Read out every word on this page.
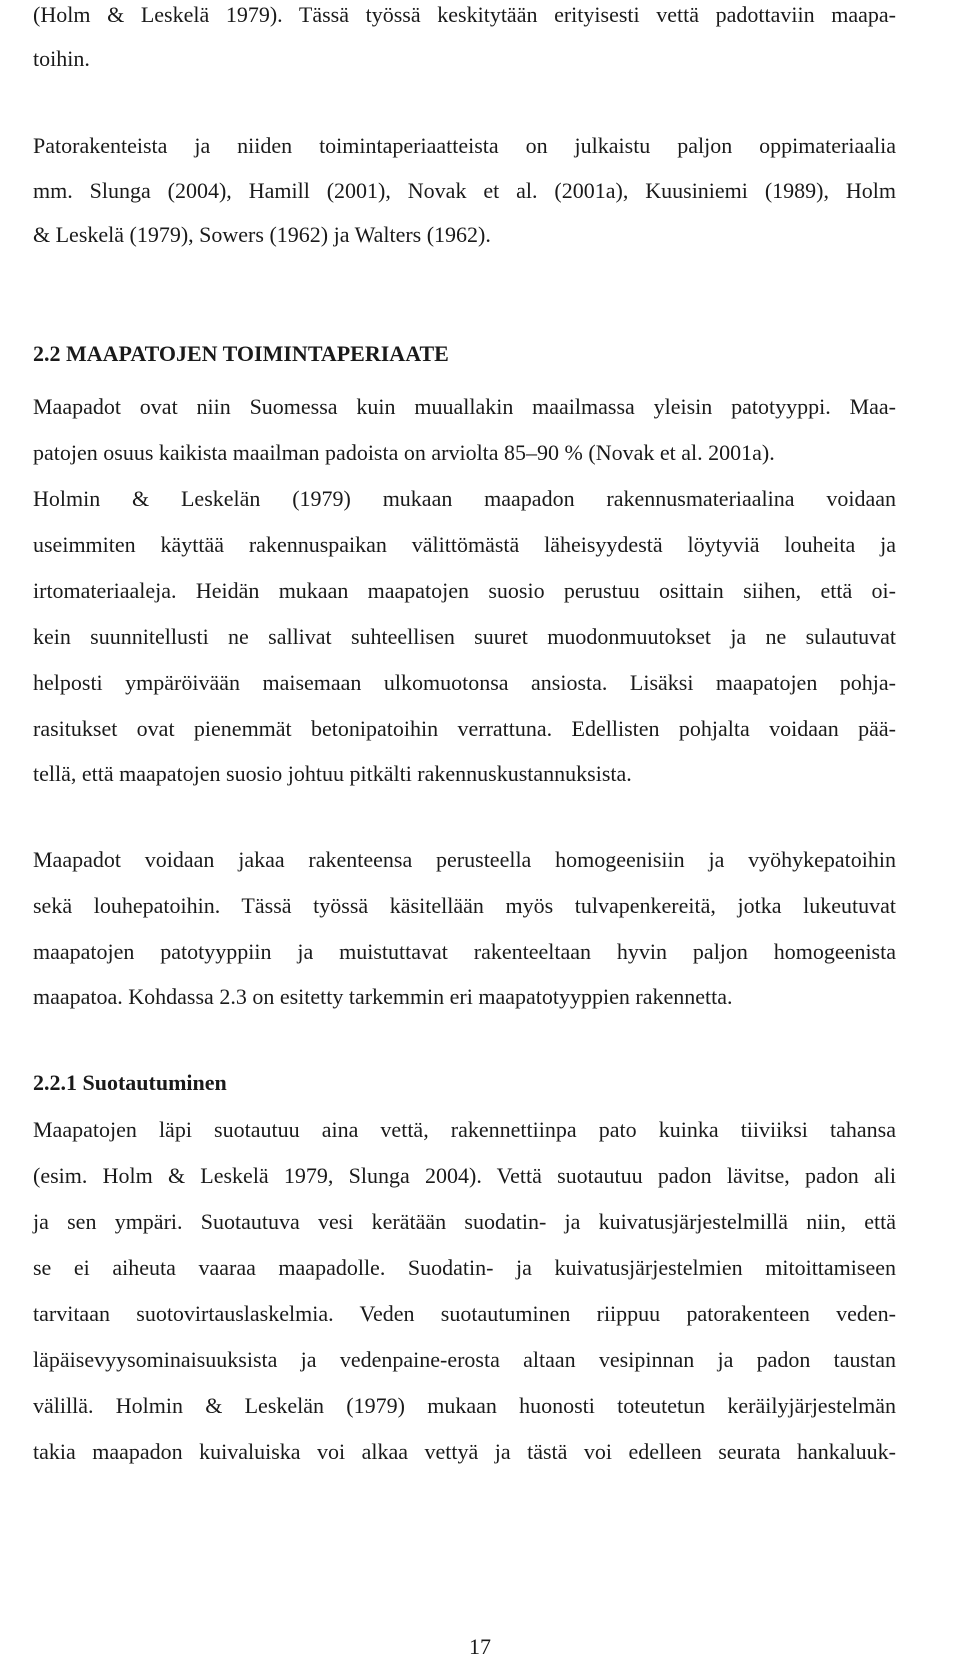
(Holm & Leskelä 1979). Tässä työssä keskitytään erityisesti vettä padottaviin maapa-

toihin.

Patorakenteista ja niiden toimintaperiaatteista on julkaistu paljon oppimateriaalia

mm. Slunga (2004), Hamill (2001), Novak et al. (2001a), Kuusiniemi (1989), Holm

& Leskelä (1979), Sowers (1962) ja Walters (1962).

2.2 MAAPATOJEN TOIMINTAPERIAATE

Maapadot ovat niin Suomessa kuin muuallakin maailmassa yleisin patotyyppi. Maa-

patojen osuus kaikista maailman padoista on arviolta 85–90 % (Novak et al. 2001a).

Holmin & Leskelän (1979) mukaan maapadon rakennusmateriaalina voidaan

useimmiten käyttää rakennuspaikan välittömästä läheisyydestä löytyviä louheita ja

irtomateriaaleja. Heidän mukaan maapatojen suosio perustuu osittain siihen, että oi-

kein suunnitellusti ne sallivat suhteellisen suuret muodonmuutokset ja ne sulautuvat

helposti ympäröivään maisemaan ulkomuotonsa ansiosta. Lisäksi maapatojen pohja-

rasitukset ovat pienemmät betonipatoihin verrattuna. Edellisten pohjalta voidaan pää-

tellä, että maapatojen suosio johtuu pitkälti rakennuskustannuksista.

Maapadot voidaan jakaa rakenteensa perusteella homogeenisiin ja vyöhykepatoihin

sekä louhepatoihin. Tässä työssä käsitellään myös tulvapenkereitä, jotka lukeutuvat

maapatojen patotyyppiin ja muistuttavat rakenteeltaan hyvin paljon homogeenista

maapatoa. Kohdassa 2.3 on esitetty tarkemmin eri maapatotyyppien rakennetta.

2.2.1 Suotautuminen

Maapatojen läpi suotautuu aina vettä, rakennettiinpa pato kuinka tiiviiksi tahansa

(esim. Holm & Leskelä 1979, Slunga 2004). Vettä suotautuu padon lävitse, padon ali

ja sen ympäri. Suotautuva vesi kerätään suodatin- ja kuivatusjärjestelmillä niin, että

se ei aiheuta vaaraa maapadolle. Suodatin- ja kuivatusjärjestelmien mitoittamiseen

tarvitaan suotovirtauslaskelmia. Veden suotautuminen riippuu patorakenteen veden-

läpäisevyysominaisuuksista ja vedenpaine-erosta altaan vesipinnan ja padon taustan

välillä. Holmin & Leskelän (1979) mukaan huonosti toteutetun keräilyjärjestelmän

takia maapadon kuivaluiska voi alkaa vettyä ja tästä voi edelleen seurata hankaluuk-

17
